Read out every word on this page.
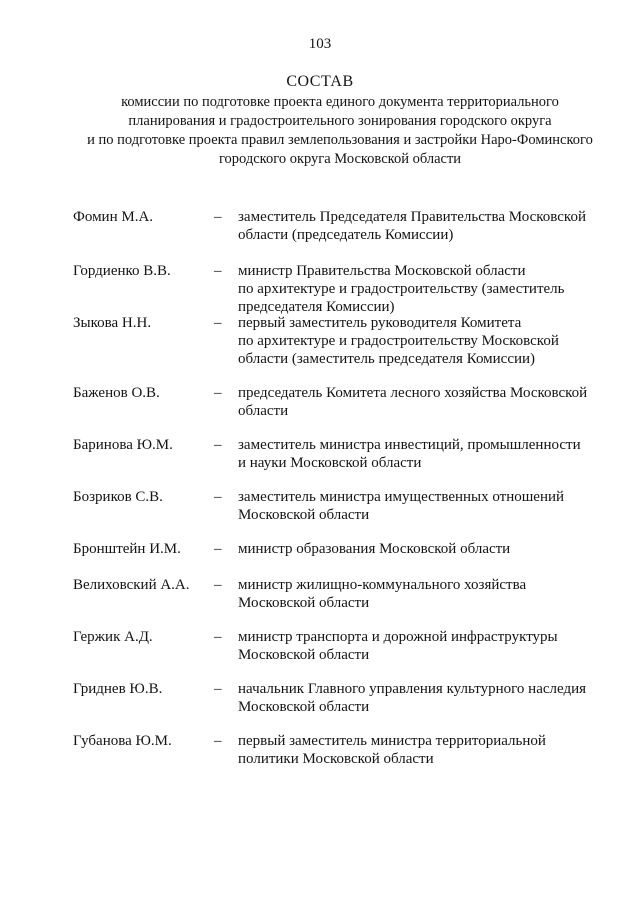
103
СОСТАВ
комиссии по подготовке проекта единого документа территориального
планирования и градостроительного зонирования городского округа
и по подготовке проекта правил землепользования и застройки Наро-Фоминского
городского округа Московской области
Фомин М.А.	– заместитель Председателя Правительства Московской
области (председатель Комиссии)
Гордиенко В.В.	– министр Правительства Московской области
по архитектуре и градостроительству (заместитель
председателя Комиссии)
Зыкова Н.Н.	– первый заместитель руководителя Комитета
по архитектуре и градостроительству Московской
области (заместитель председателя Комиссии)
Баженов О.В.	– председатель Комитета лесного хозяйства Московской
области
Баринова Ю.М.	– заместитель министра инвестиций, промышленности
и науки Московской области
Бозриков С.В.	– заместитель министра имущественных отношений
Московской области
Бронштейн И.М. – министр образования Московской области
Велиховский А.А. – министр жилищно-коммунального хозяйства
Московской области
Гержик А.Д.	– министр транспорта и дорожной инфраструктуры
Московской области
Гриднев Ю.В.	– начальник Главного управления культурного наследия
Московской области
Губанова Ю.М.	– первый заместитель министра территориальной
политики Московской области
